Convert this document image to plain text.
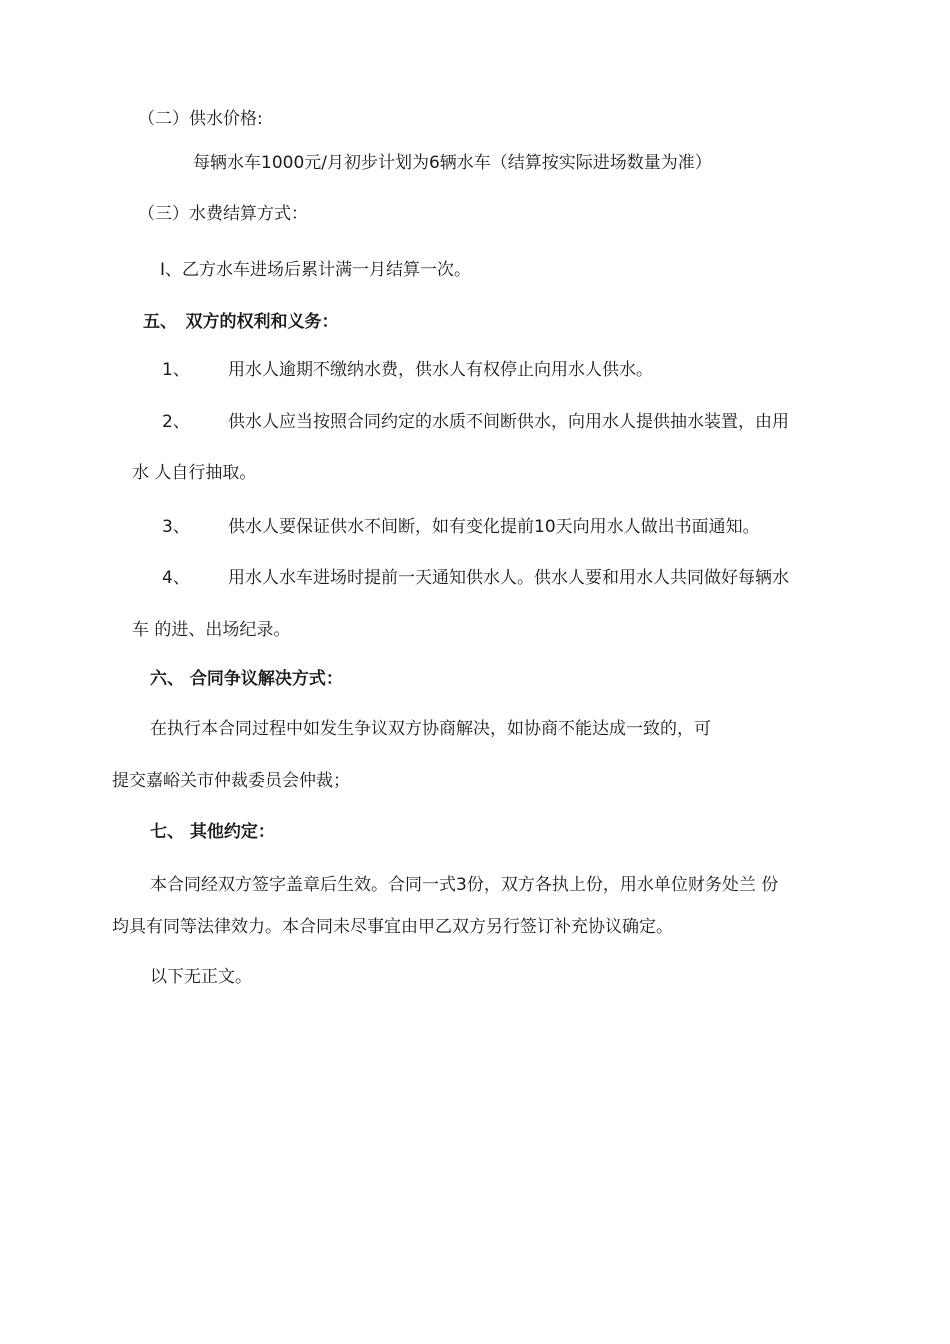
（二）供水价格:
每辆水车1000元/月初步计划为6辆水车（结算按实际进场数量为准）
（三）水费结算方式：
I、乙方水车进场后累计满一月结算一次。
五、　双方的权利和义务：
1、 用水人逾期不缴纳水费，供水人有权停止向用水人供水。
2、 供水人应当按照合同约定的水质不间断供水，向用水人提供抽水装置，由用
水 人自行抽取。
3、 供水人要保证供水不间断，如有变化提前10天向用水人做出书面通知。
4、 用水人水车进场时提前一天通知供水人。供水人要和用水人共同做好每辆水
车 的进、出场纪录。
六、 合同争议解决方式：
在执行本合同过程中如发生争议双方协商解决，如协商不能达成一致的，可
提交嘉峪关市仲裁委员会仲裁；
七、 其他约定：
本合同经双方签字盖章后生效。合同一式3份，双方各执上份，用水单位财务处兰 份
均具有同等法律效力。本合同未尽事宜由甲乙双方另行签订补充协议确定。
以下无正文。
